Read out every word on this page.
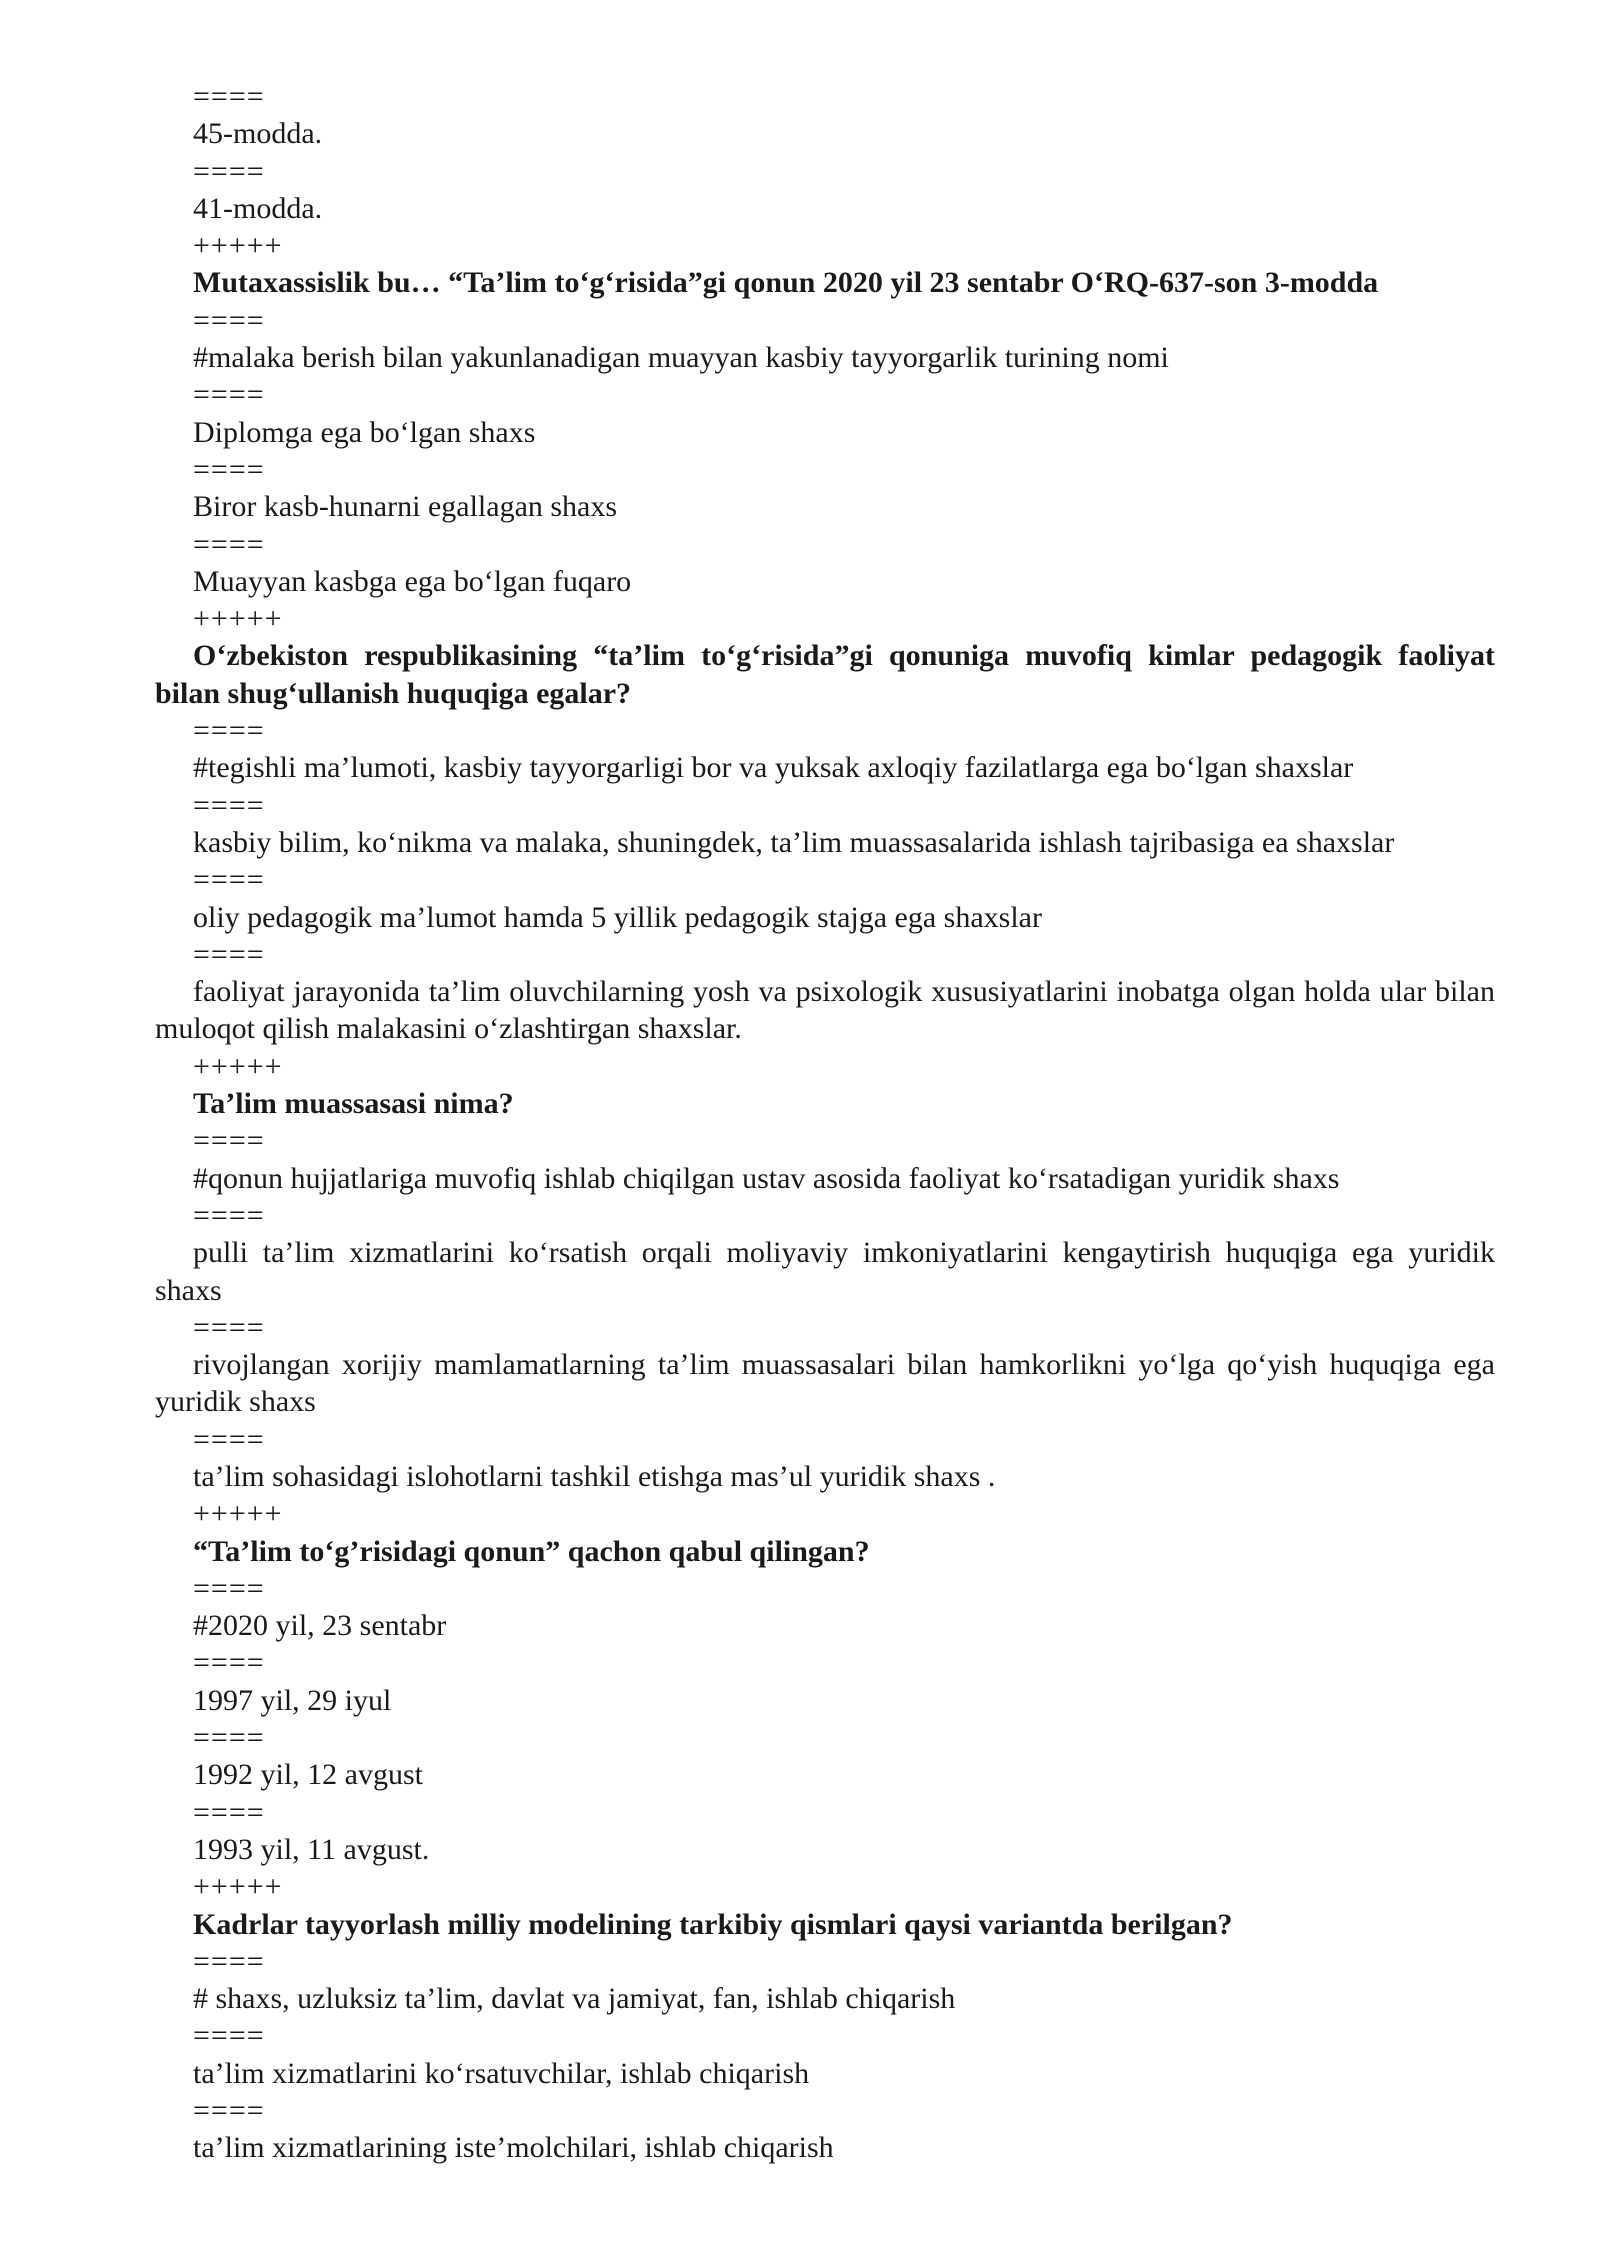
====

45-modda.

====

41-modda.

+++++

Mutaxassislik bu… “Ta’lim to‘g‘risida”gi qonun 2020 yil 23 sentabr O‘RQ-637-son 3-modda

====

#malaka berish bilan yakunlanadigan muayyan kasbiy tayyorgarlik turining nomi

====

Diplomga ega bo‘lgan shaxs

====

Biror kasb-hunarni egallagan shaxs

====

Muayyan kasbga ega bo‘lgan fuqaro

+++++

O‘zbekiston respublikasining “ta’lim to‘g‘risida”gi qonuniga muvofiq kimlar pedagogik faoliyat bilan shug‘ullanish huquqiga egalar?

====

#tegishli ma’lumoti, kasbiy tayyorgarligi bor va yuksak axloqiy fazilatlarga ega bo‘lgan shaxslar

====

kasbiy bilim, ko‘nikma va malaka, shuningdek, ta’lim muassasalarida ishlash tajribasiga ea shaxslar

====

oliy pedagogik ma’lumot hamda 5 yillik pedagogik stajga ega shaxslar

====

faoliyat jarayonida ta’lim oluvchilarning yosh va psixologik xususiyatlarini inobatga olgan holda ular bilan muloqot qilish malakasini o‘zlashtirgan shaxslar.

+++++

Ta’lim muassasasi nima?

====

#qonun hujjatlariga muvofiq ishlab chiqilgan ustav asosida faoliyat ko‘rsatadigan yuridik shaxs

====

pulli ta’lim xizmatlarini ko‘rsatish orqali moliyaviy imkoniyatlarini kengaytirish huquqiga ega yuridik shaxs

====

rivojlangan xorijiy mamlamatlarning ta’lim muassasalari bilan hamkorlikni yo‘lga qo‘yish huquqiga ega yuridik shaxs

====

ta’lim sohasidagi islohotlarni tashkil etishga mas’ul yuridik shaxs .

+++++

“Ta’lim to‘g’risidagi qonun” qachon qabul qilingan?

====

#2020 yil, 23 sentabr

====

1997 yil, 29 iyul

====

1992 yil, 12 avgust

====

1993 yil, 11 avgust.

+++++

Kadrlar tayyorlash milliy modelining tarkibiy qismlari qaysi variantda berilgan?

====

# shaxs, uzluksiz ta’lim, davlat va jamiyat, fan, ishlab chiqarish

====

ta’lim xizmatlarini ko‘rsatuvchilar, ishlab chiqarish

====

ta’lim xizmatlarining iste’molchilari, ishlab chiqarish
